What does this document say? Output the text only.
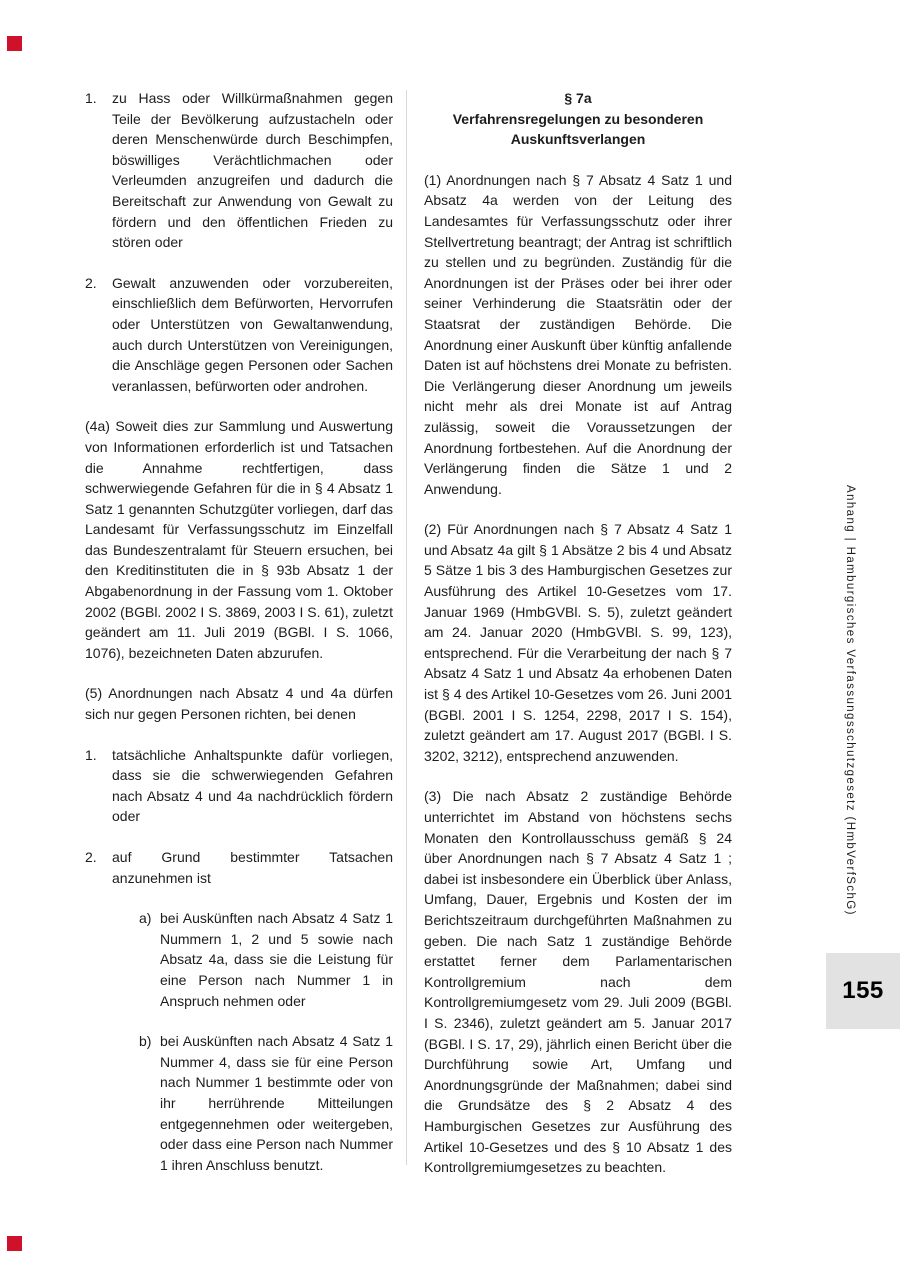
1.	zu Hass oder Willkürmaßnahmen gegen Teile der Bevölkerung aufzustacheln oder deren Menschenwürde durch Beschimpfen, böswilliges Verächtlichmachen oder Verleumden anzugreifen und dadurch die Bereitschaft zur Anwendung von Gewalt zu fördern und den öffentlichen Frieden zu stören oder
2.	Gewalt anzuwenden oder vorzubereiten, einschließlich dem Befürworten, Hervorrufen oder Unterstützen von Gewaltanwendung, auch durch Unterstützen von Vereinigungen, die Anschläge gegen Personen oder Sachen veranlassen, befürworten oder androhen.

(4a) Soweit dies zur Sammlung und Auswertung von Informationen erforderlich ist und Tatsachen die Annahme rechtfertigen, dass schwerwiegende Gefahren für die in § 4 Absatz 1 Satz 1 genannten Schutzgüter vorliegen, darf das Landesamt für Verfassungsschutz im Einzelfall das Bundeszentralamt für Steuern ersuchen, bei den Kreditinstituten die in § 93b Absatz 1 der Abgabenordnung in der Fassung vom 1. Oktober 2002 (BGBl. 2002 I S. 3869, 2003 I S. 61), zuletzt geändert am 11. Juli 2019 (BGBl. I S. 1066, 1076), bezeichneten Daten abzurufen.

(5) Anordnungen nach Absatz 4 und 4a dürfen sich nur gegen Personen richten, bei denen

1.	tatsächliche Anhaltspunkte dafür vorliegen, dass sie die schwerwiegenden Gefahren nach Absatz 4 und 4a nachdrücklich fördern oder
2.	auf Grund bestimmter Tatsachen anzunehmen ist
a) bei Auskünften nach Absatz 4 Satz 1 Nummern 1, 2 und 5 sowie nach Absatz 4a, dass sie die Leistung für eine Person nach Nummer 1 in Anspruch nehmen oder
b) bei Auskünften nach Absatz 4 Satz 1 Nummer 4, dass sie für eine Person nach Nummer 1 bestimmte oder von ihr herrührende Mitteilungen entgegennehmen oder weitergeben, oder dass eine Person nach Nummer 1 ihren Anschluss benutzt.
§ 7a
Verfahrensregelungen zu besonderen Auskunftsverlangen

(1) Anordnungen nach § 7 Absatz 4 Satz 1 und Absatz 4a werden von der Leitung des Landesamtes für Verfassungsschutz oder ihrer Stellvertretung beantragt; der Antrag ist schriftlich zu stellen und zu begründen. Zuständig für die Anordnungen ist der Präses oder bei ihrer oder seiner Verhinderung die Staatsrätin oder der Staatsrat der zuständigen Behörde. Die Anordnung einer Auskunft über künftig anfallende Daten ist auf höchstens drei Monate zu befristen. Die Verlängerung dieser Anordnung um jeweils nicht mehr als drei Monate ist auf Antrag zulässig, soweit die Voraussetzungen der Anordnung fortbestehen. Auf die Anordnung der Verlängerung finden die Sätze 1 und 2 Anwendung.

(2) Für Anordnungen nach § 7 Absatz 4 Satz 1 und Absatz 4a gilt § 1 Absätze 2 bis 4 und Absatz 5 Sätze 1 bis 3 des Hamburgischen Gesetzes zur Ausführung des Artikel 10-Gesetzes vom 17. Januar 1969 (HmbGVBl. S. 5), zuletzt geändert am 24. Januar 2020 (HmbGVBl. S. 99, 123), entsprechend. Für die Verarbeitung der nach § 7 Absatz 4 Satz 1 und Absatz 4a erhobenen Daten ist § 4 des Artikel 10-Gesetzes vom 26. Juni 2001 (BGBl. 2001 I S. 1254, 2298, 2017 I S. 154), zuletzt geändert am 17. August 2017 (BGBl. I S. 3202, 3212), entsprechend anzuwenden.

(3) Die nach Absatz 2 zuständige Behörde unterrichtet im Abstand von höchstens sechs Monaten den Kontrollausschuss gemäß § 24 über Anordnungen nach § 7 Absatz 4 Satz 1 ; dabei ist insbesondere ein Überblick über Anlass, Umfang, Dauer, Ergebnis und Kosten der im Berichtszeitraum durchgeführten Maßnahmen zu geben. Die nach Satz 1 zuständige Behörde erstattet ferner dem Parlamentarischen Kontrollgremium nach dem Kontrollgremiumgesetz vom 29. Juli 2009 (BGBl. I S. 2346), zuletzt geändert am 5. Januar 2017 (BGBl. I S. 17, 29), jährlich einen Bericht über die Durchführung sowie Art, Umfang und Anordnungsgründe der Maßnahmen; dabei sind die Grundsätze des § 2 Absatz 4 des Hamburgischen Gesetzes zur Ausführung des Artikel 10-Gesetzes und des § 10 Absatz 1 des Kontrollgremiumgesetzes zu beachten.

Anhang | Hamburgisches Verfassungsschutzgesetz (HmbVerfSchG)
155
